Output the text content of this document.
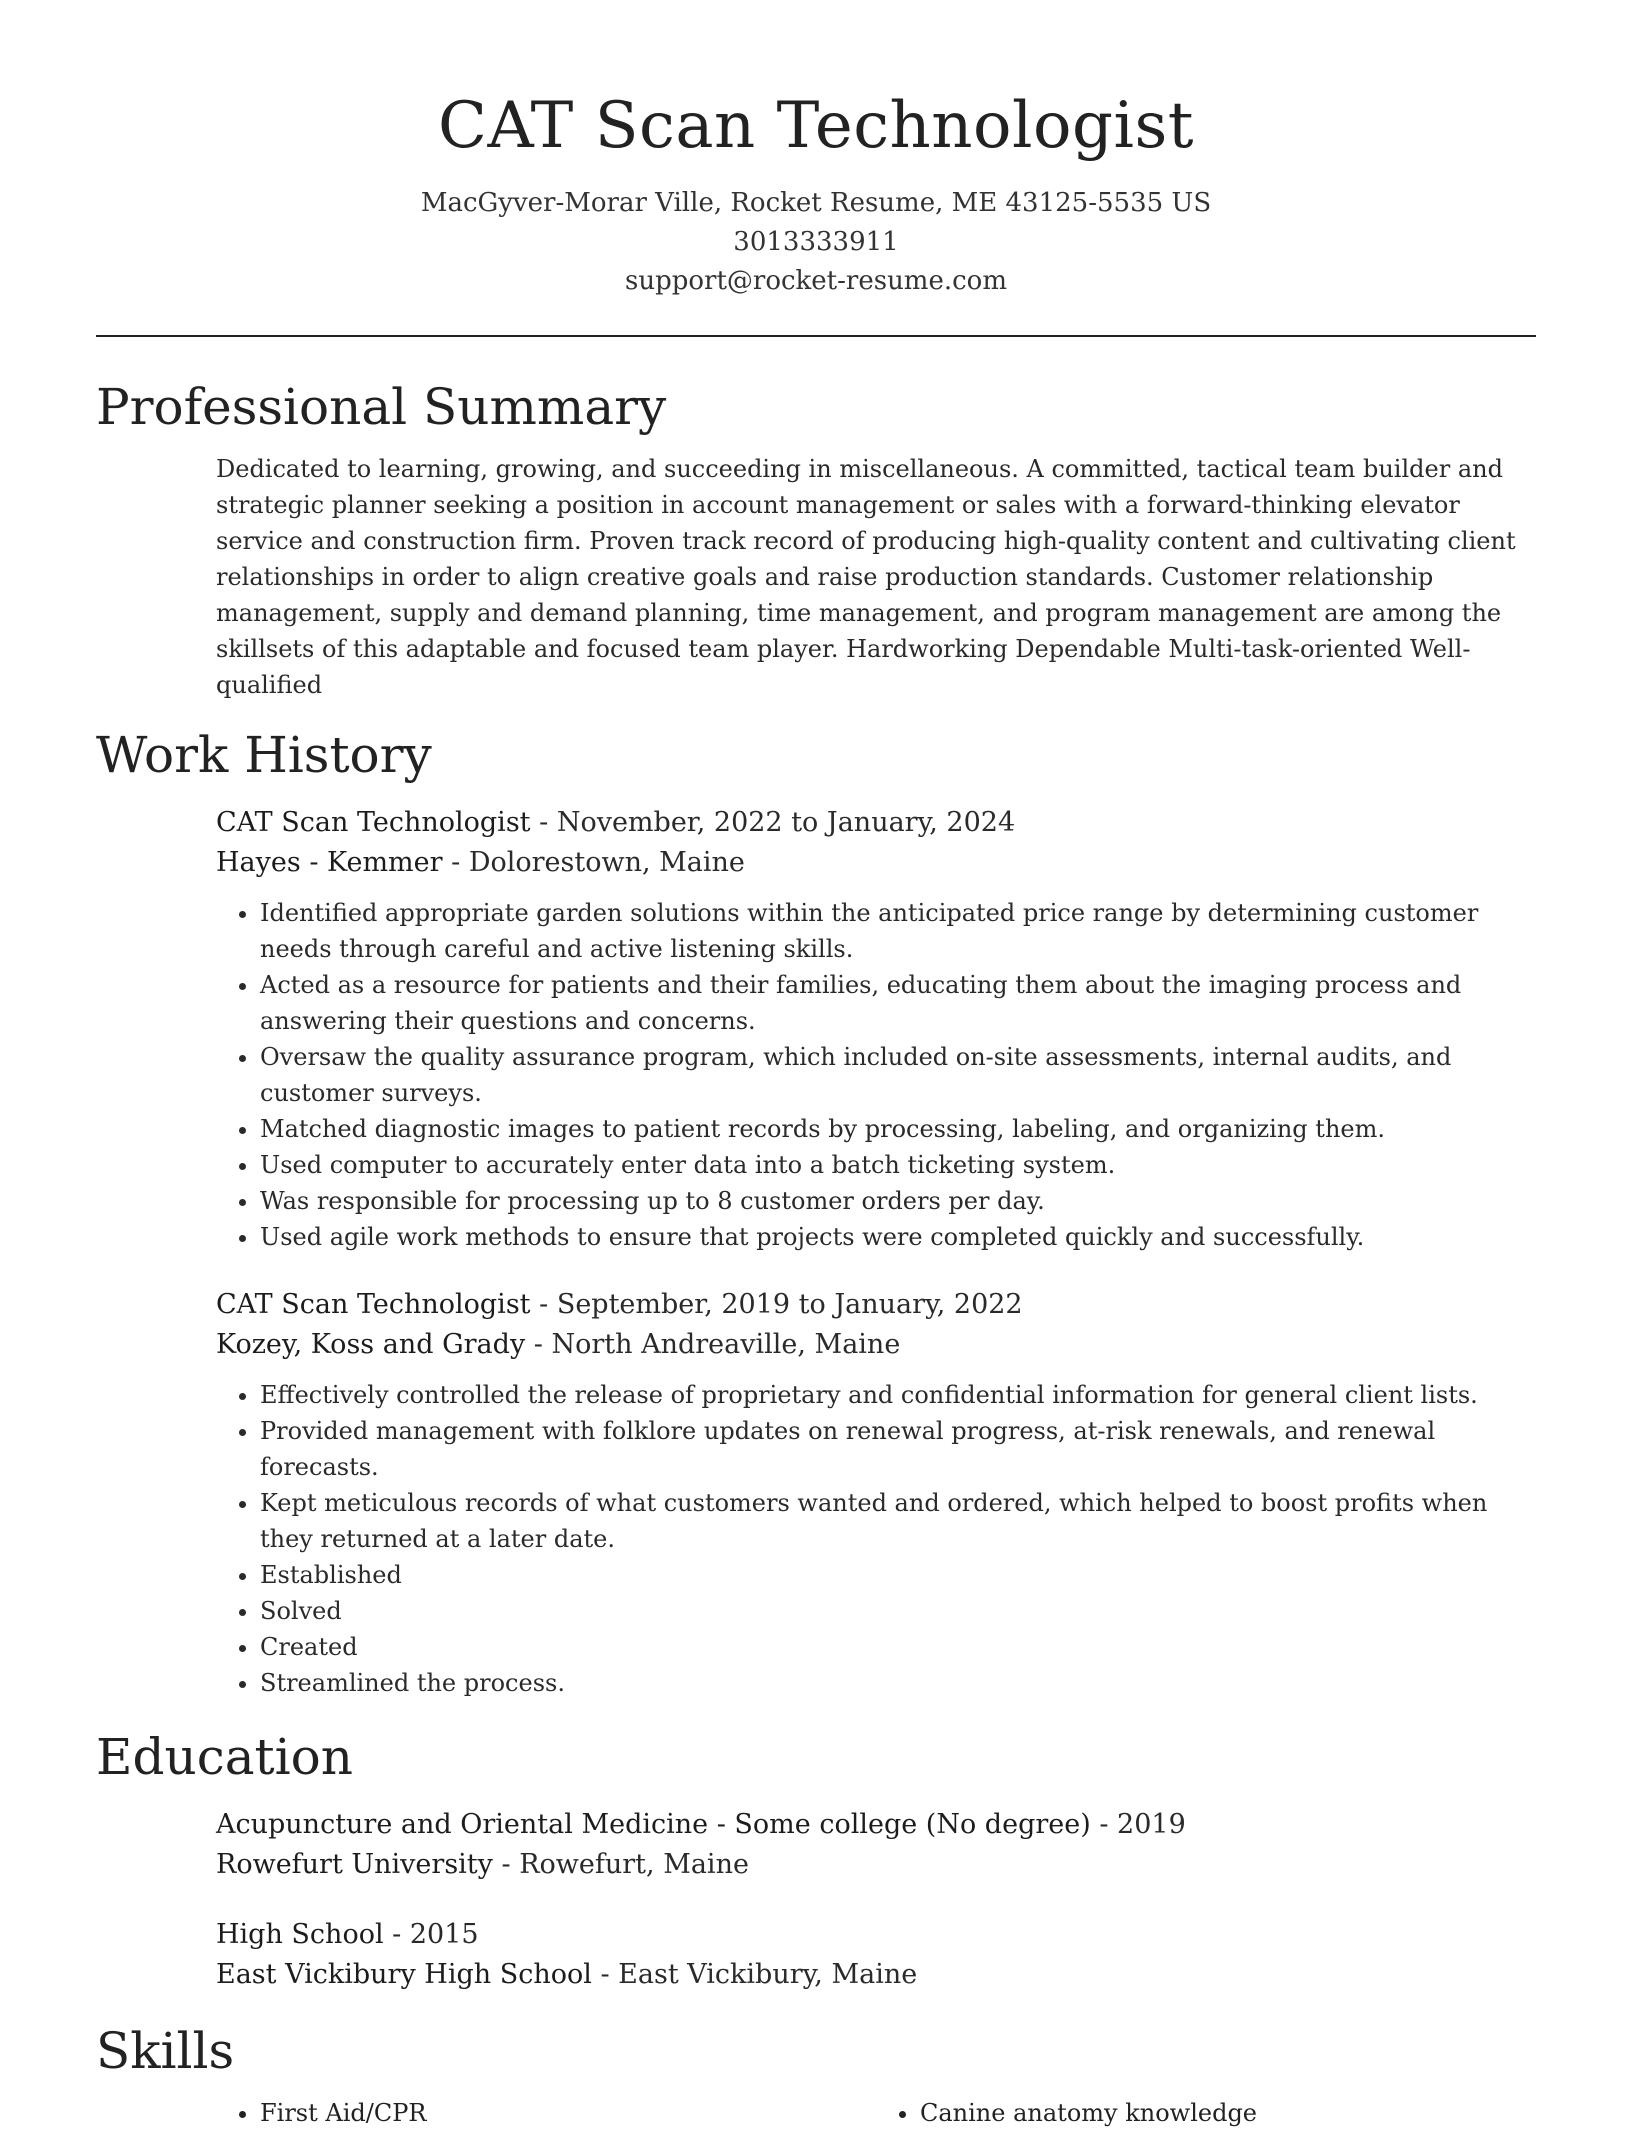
CAT Scan Technologist
MacGyver-Morar Ville, Rocket Resume, ME 43125-5535 US
3013333911
support@rocket-resume.com
Professional Summary
Dedicated to learning, growing, and succeeding in miscellaneous. A committed, tactical team builder and strategic planner seeking a position in account management or sales with a forward-thinking elevator service and construction firm. Proven track record of producing high-quality content and cultivating client relationships in order to align creative goals and raise production standards. Customer relationship management, supply and demand planning, time management, and program management are among the skillsets of this adaptable and focused team player. Hardworking Dependable Multi-task-oriented Well-qualified
Work History
CAT Scan Technologist - November, 2022 to January, 2024
Hayes - Kemmer - Dolorestown, Maine
• Identified appropriate garden solutions within the anticipated price range by determining customer needs through careful and active listening skills.
• Acted as a resource for patients and their families, educating them about the imaging process and answering their questions and concerns.
• Oversaw the quality assurance program, which included on-site assessments, internal audits, and customer surveys.
• Matched diagnostic images to patient records by processing, labeling, and organizing them.
• Used computer to accurately enter data into a batch ticketing system.
• Was responsible for processing up to 8 customer orders per day.
• Used agile work methods to ensure that projects were completed quickly and successfully.
CAT Scan Technologist - September, 2019 to January, 2022
Kozey, Koss and Grady - North Andreaville, Maine
• Effectively controlled the release of proprietary and confidential information for general client lists.
• Provided management with folklore updates on renewal progress, at-risk renewals, and renewal forecasts.
• Kept meticulous records of what customers wanted and ordered, which helped to boost profits when they returned at a later date.
• Established
• Solved
• Created
• Streamlined the process.
Education
Acupuncture and Oriental Medicine - Some college (No degree) - 2019
Rowefurt University - Rowefurt, Maine
High School - 2015
East Vickibury High School - East Vickibury, Maine
Skills
• First Aid/CPR
•	Canine anatomy knowledge
